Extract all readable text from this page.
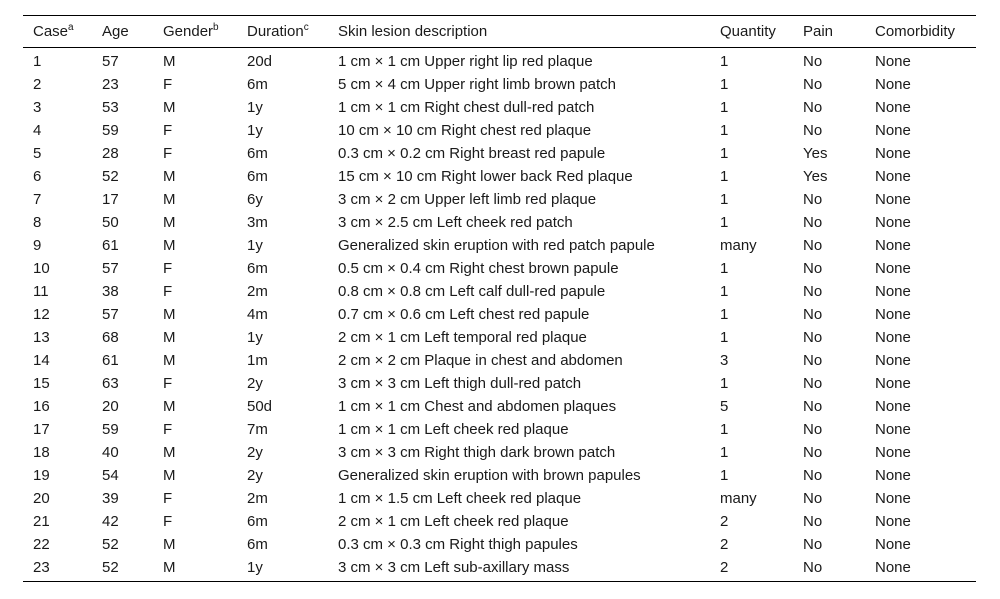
Case$^a$	Age	Gender$^b$	Duration$^c$	Skin lesion description	Quantity	Pain	Comorbidity
1	57	M	20d	1 cm × 1 cm Upper right lip red plaque	1	No	None
2	23	F	6m	5 cm × 4 cm Upper right limb brown patch	1	No	None
3	53	M	1y	1 cm × 1 cm Right chest dull-red patch	1	No	None
4	59	F	1y	10 cm × 10 cm Right chest red plaque	1	No	None
5	28	F	6m	0.3 cm × 0.2 cm Right breast red papule	1	Yes	None
6	52	M	6m	15 cm × 10 cm Right lower back Red plaque	1	Yes	None
7	17	M	6y	3 cm × 2 cm Upper left limb red plaque	1	No	None
8	50	M	3m	3 cm × 2.5 cm Left cheek red patch	1	No	None
9	61	M	1y	Generalized skin eruption with red patch papule	many	No	None
10	57	F	6m	0.5 cm × 0.4 cm Right chest brown papule	1	No	None
11	38	F	2m	0.8 cm × 0.8 cm Left calf dull-red papule	1	No	None
12	57	M	4m	0.7 cm × 0.6 cm Left chest red papule	1	No	None
13	68	M	1y	2 cm × 1 cm Left temporal red plaque	1	No	None
14	61	M	1m	2 cm × 2 cm Plaque in chest and abdomen	3	No	None
15	63	F	2y	3 cm × 3 cm Left thigh dull-red patch	1	No	None
16	20	M	50d	1 cm × 1 cm Chest and abdomen plaques	5	No	None
17	59	F	7m	1 cm × 1 cm Left cheek red plaque	1	No	None
18	40	M	2y	3 cm × 3 cm Right thigh dark brown patch	1	No	None
19	54	M	2y	Generalized skin eruption with brown papules	1	No	None
20	39	F	2m	1 cm × 1.5 cm Left cheek red plaque	many	No	None
21	42	F	6m	2 cm × 1 cm Left cheek red plaque	2	No	None
22	52	M	6m	0.3 cm × 0.3 cm Right thigh papules	2	No	None
23	52	M	1y	3 cm × 3 cm Left sub-axillary mass	2	No	None
